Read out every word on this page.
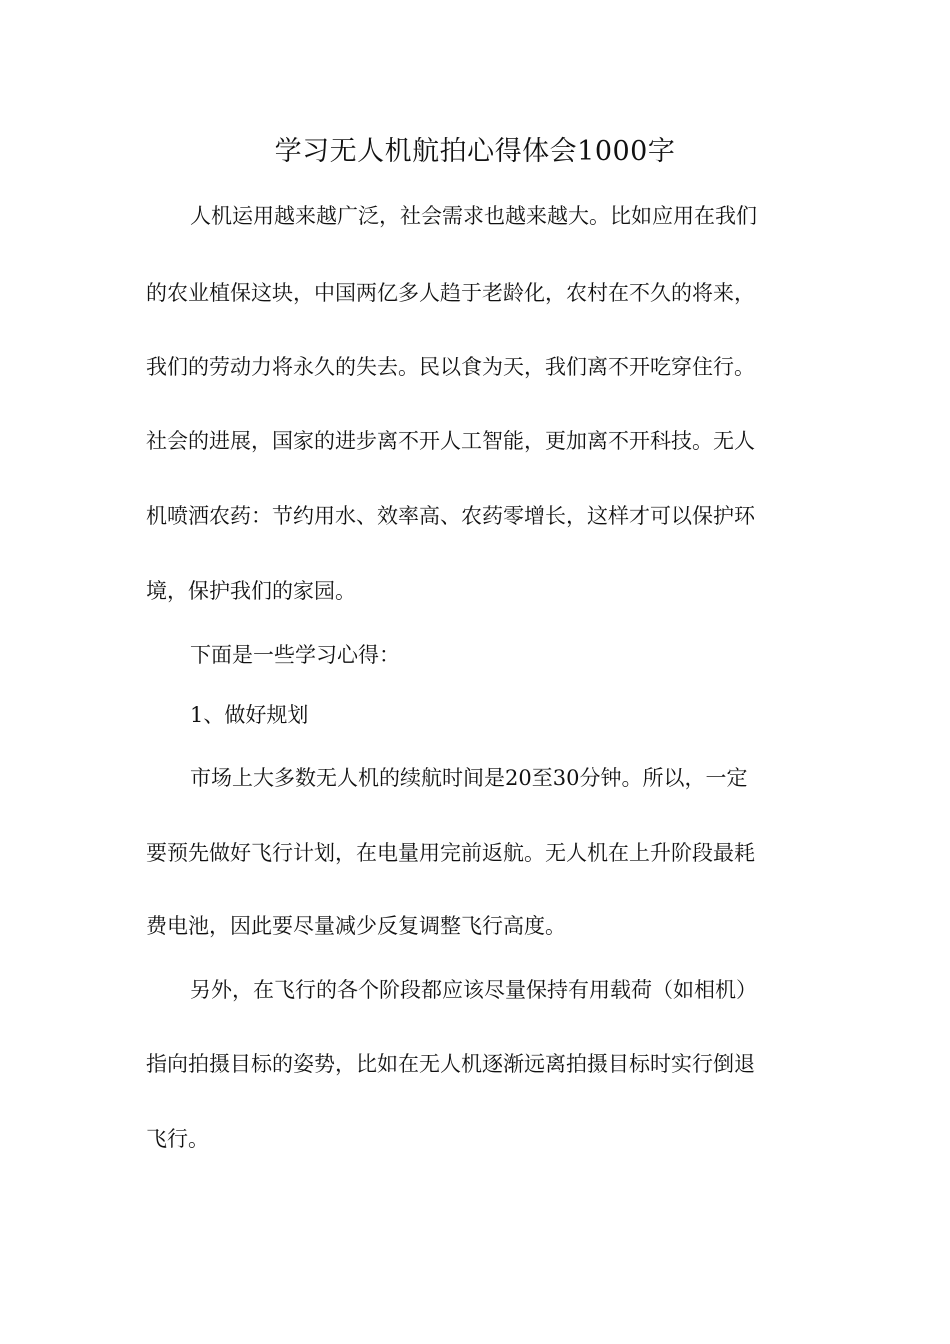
学习无人机航拍心得体会1000字

人机运用越来越广泛，社会需求也越来越大。比如应用在我们

的农业植保这块，中国两亿多人趋于老龄化，农村在不久的将来，

我们的劳动力将永久的失去。民以食为天，我们离不开吃穿住行。

社会的进展，国家的进步离不开人工智能，更加离不开科技。无人

机喷洒农药：节约用水、效率高、农药零增长，这样才可以保护环

境，保护我们的家园。

下面是一些学习心得：

1、做好规划

市场上大多数无人机的续航时间是20至30分钟。所以，一定

要预先做好飞行计划，在电量用完前返航。无人机在上升阶段最耗

费电池，因此要尽量减少反复调整飞行高度。

另外，在飞行的各个阶段都应该尽量保持有用载荷（如相机）

指向拍摄目标的姿势，比如在无人机逐渐远离拍摄目标时实行倒退

飞行。
